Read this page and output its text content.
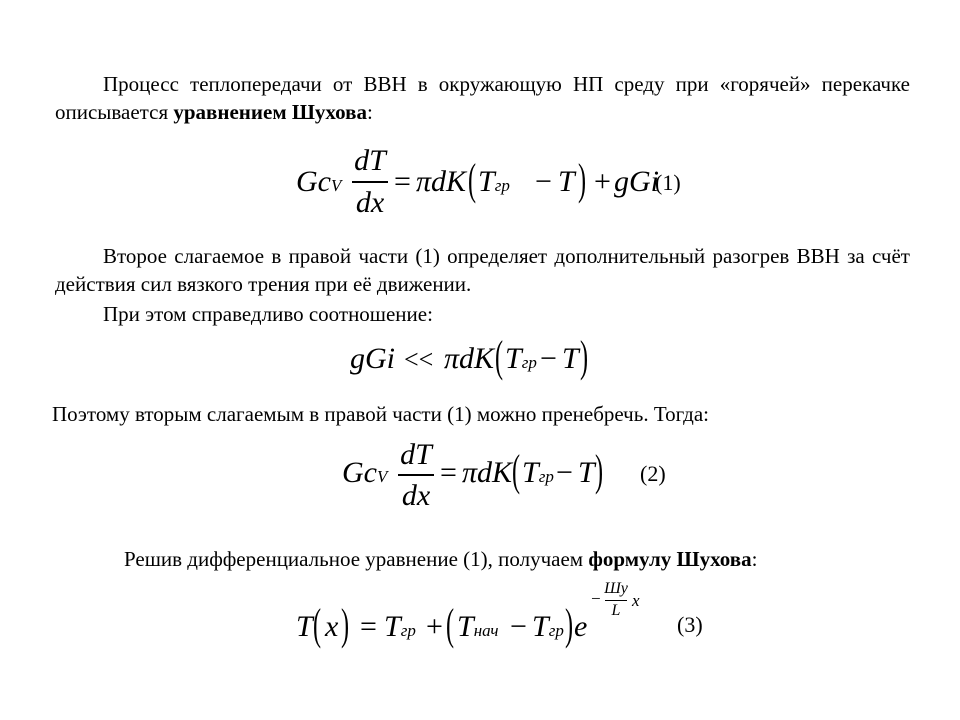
Процесс теплопередачи от ВВН в окружающую НП среду при «горячей» перекачке описывается уравнением Шухова:
GcV
dT
dx
= πdK ( Tгр − T ) + gGi
(1)
Второе слагаемое в правой части (1) определяет дополнительный разогрев ВВН за счёт действия сил вязкого трения при её движении.
При этом справедливо соотношение:
gGi << πdK ( Tгр − T )
Поэтому вторым слагаемым в правой части (1) можно пренебречь. Тогда:
GcV
dT
dx
= πdK ( Tгр − T ) (2)
Решив дифференциальное уравнение (1), получаем формулу Шухова:
T ( x ) = Tгр + ( Tнач − Tгр ) e
−
Шу
L
x
(3)
